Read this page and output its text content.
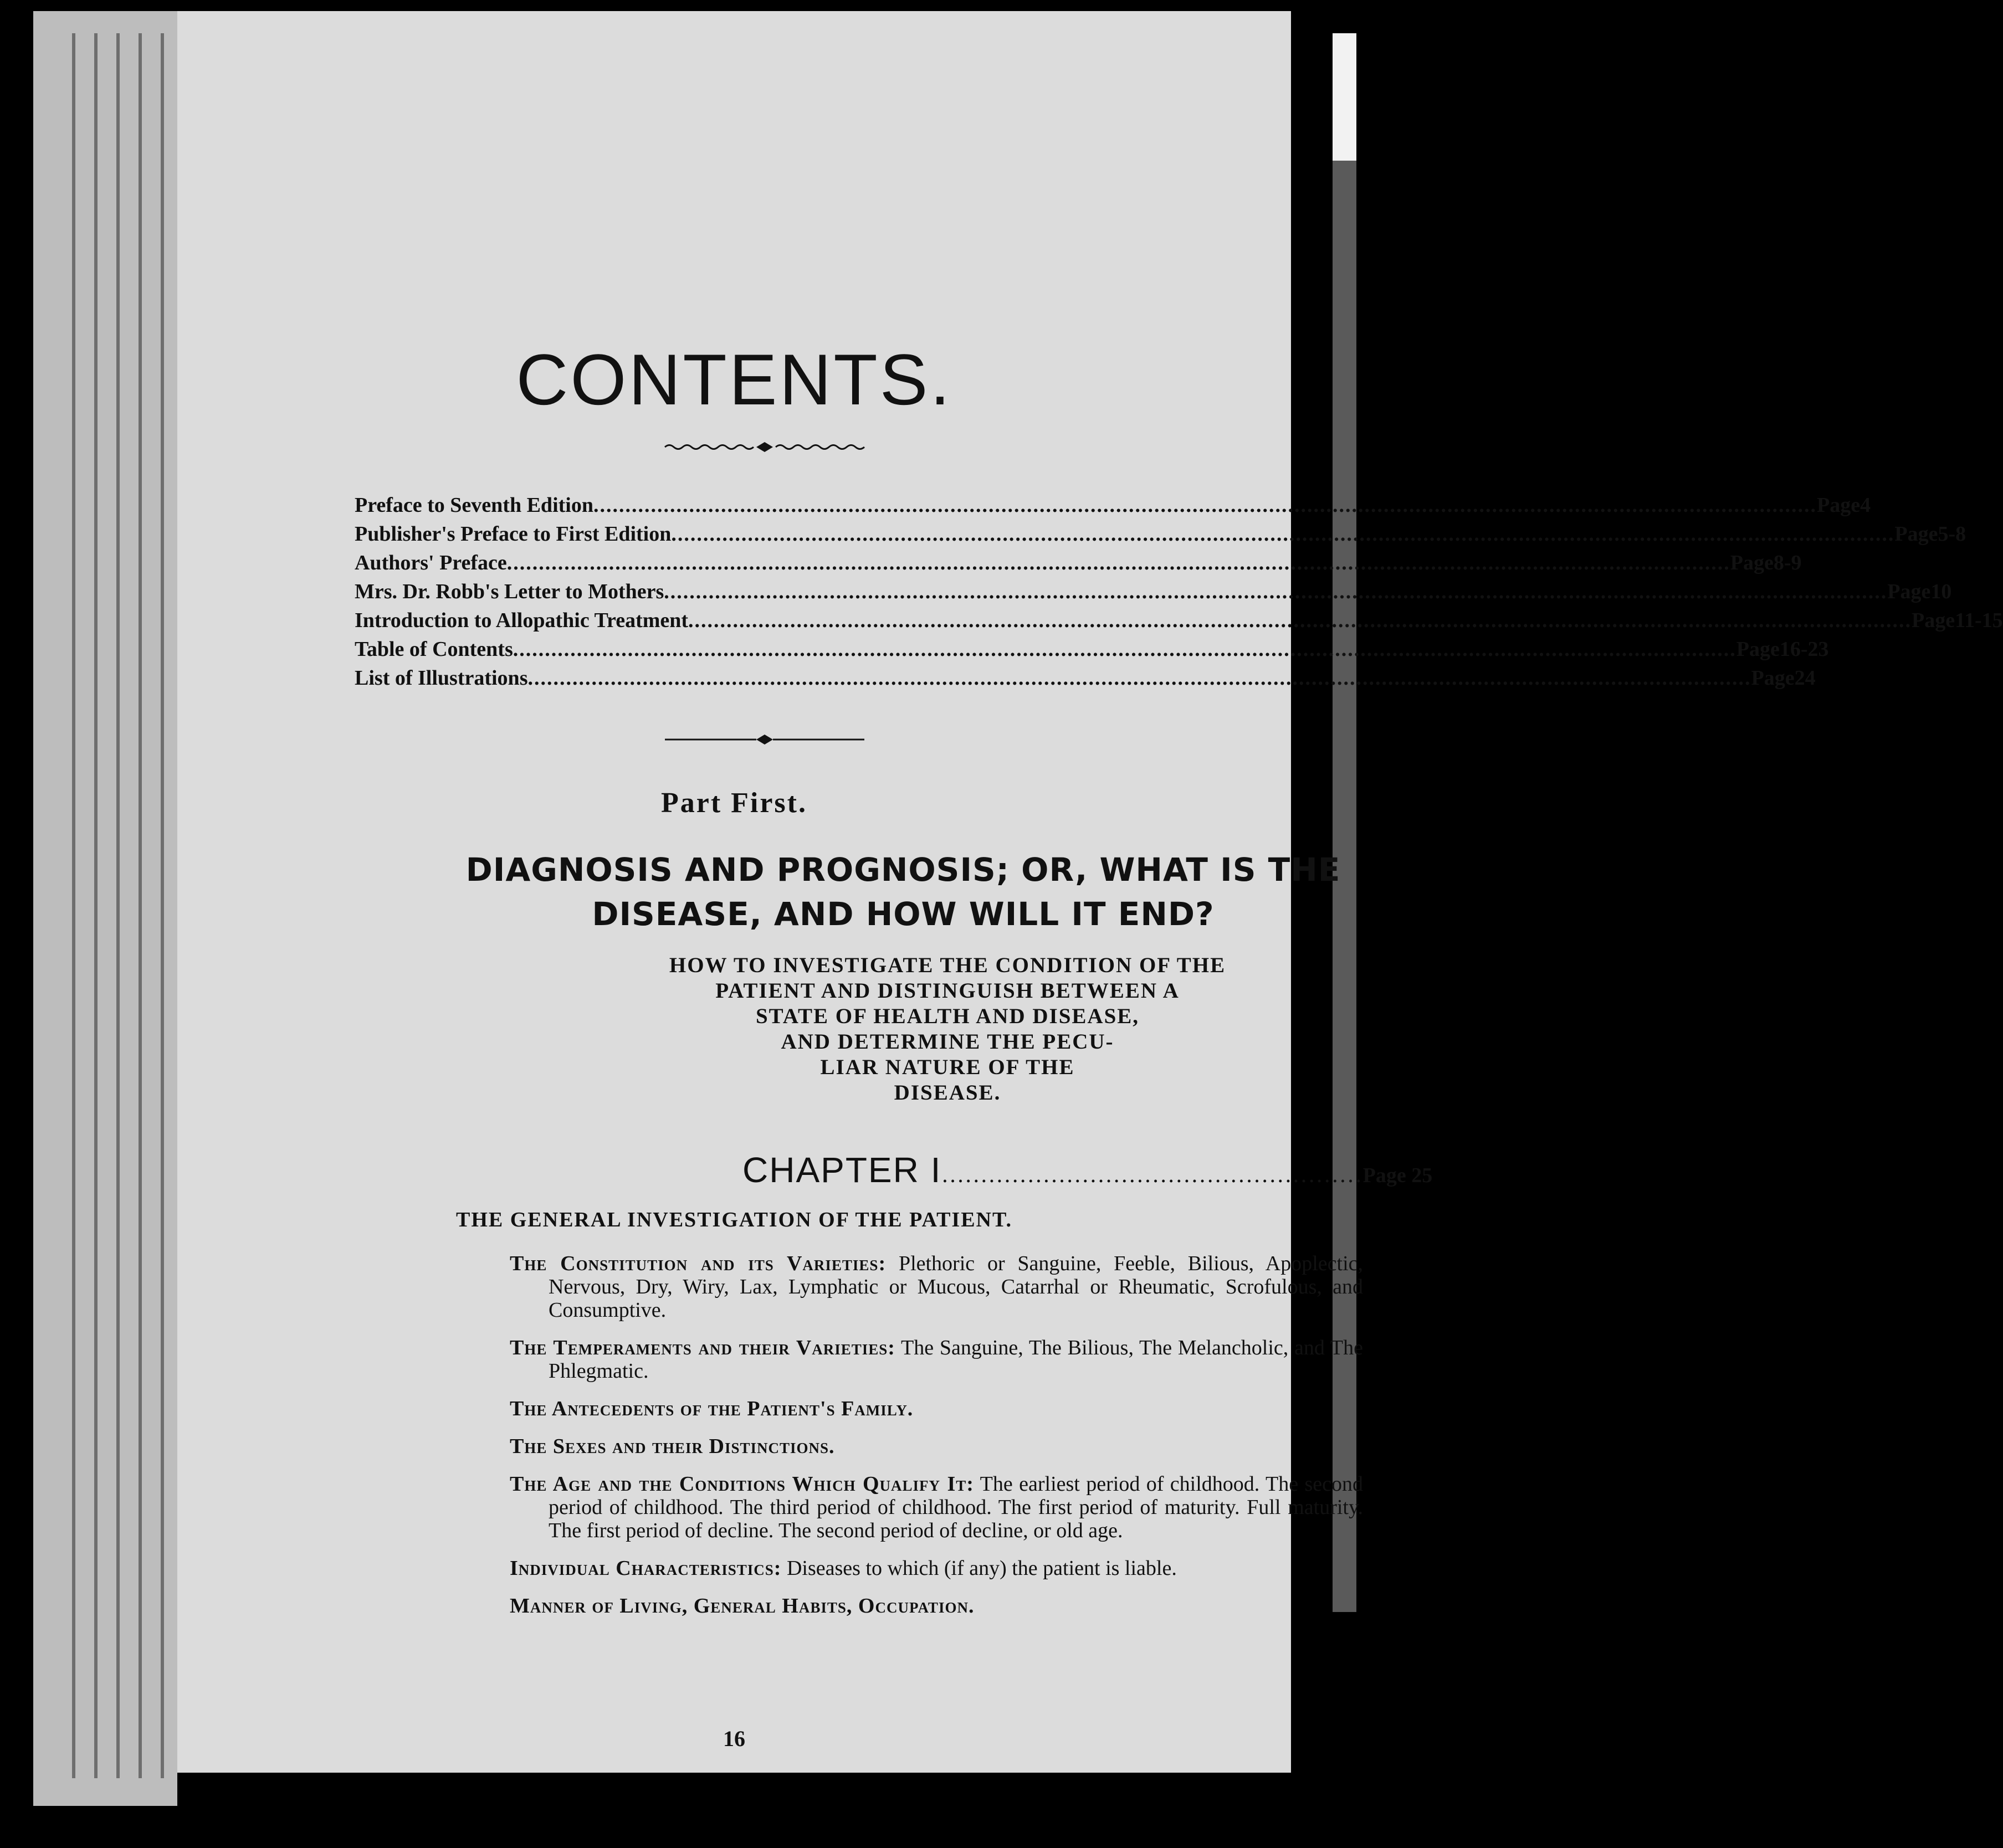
CONTENTS.
Preface to Seventh Edition .....	Page 4
Publisher's Preface to First Edition .....	Page 5-8
Authors' Preface .....	Page 8-9
Mrs. Dr. Robb's Letter to Mothers .....	Page 10
Introduction to Allopathic Treatment .....	Page 11-15
Table of Contents .....	Page 16-23
List of Illustrations .....	Page 24
Part First.
DIAGNOSIS AND PROGNOSIS; OR, WHAT IS THE
DISEASE, AND HOW WILL IT END?
HOW TO INVESTIGATE THE CONDITION OF THE
PATIENT AND DISTINGUISH BETWEEN A
STATE OF HEALTH AND DISEASE,
AND DETERMINE THE PECU-
LIAR NATURE OF THE
DISEASE.
CHAPTER I .....	Page 25
THE GENERAL INVESTIGATION OF THE PATIENT.
The Constitution and its Varieties: Plethoric or Sanguine, Feeble, Bilious, Apoplectic, Nervous, Dry, Wiry, Lax, Lymphatic or Mucous, Catarrhal or Rheumatic, Scrofulous, and Consumptive.
The Temperaments and their Varieties: The Sanguine, The Bilious, The Melancholic, and The Phlegmatic.
The Antecedents of the Patient's Family.
The Sexes and their Distinctions.
The Age and the Conditions Which Qualify It: The earliest period of childhood. The second period of childhood. The third period of childhood. The first period of maturity. Full maturity. The first period of decline. The second period of decline, or old age.
Individual Characteristics: Diseases to which (if any) the patient is liable.
Manner of Living, General Habits, Occupation.
16
